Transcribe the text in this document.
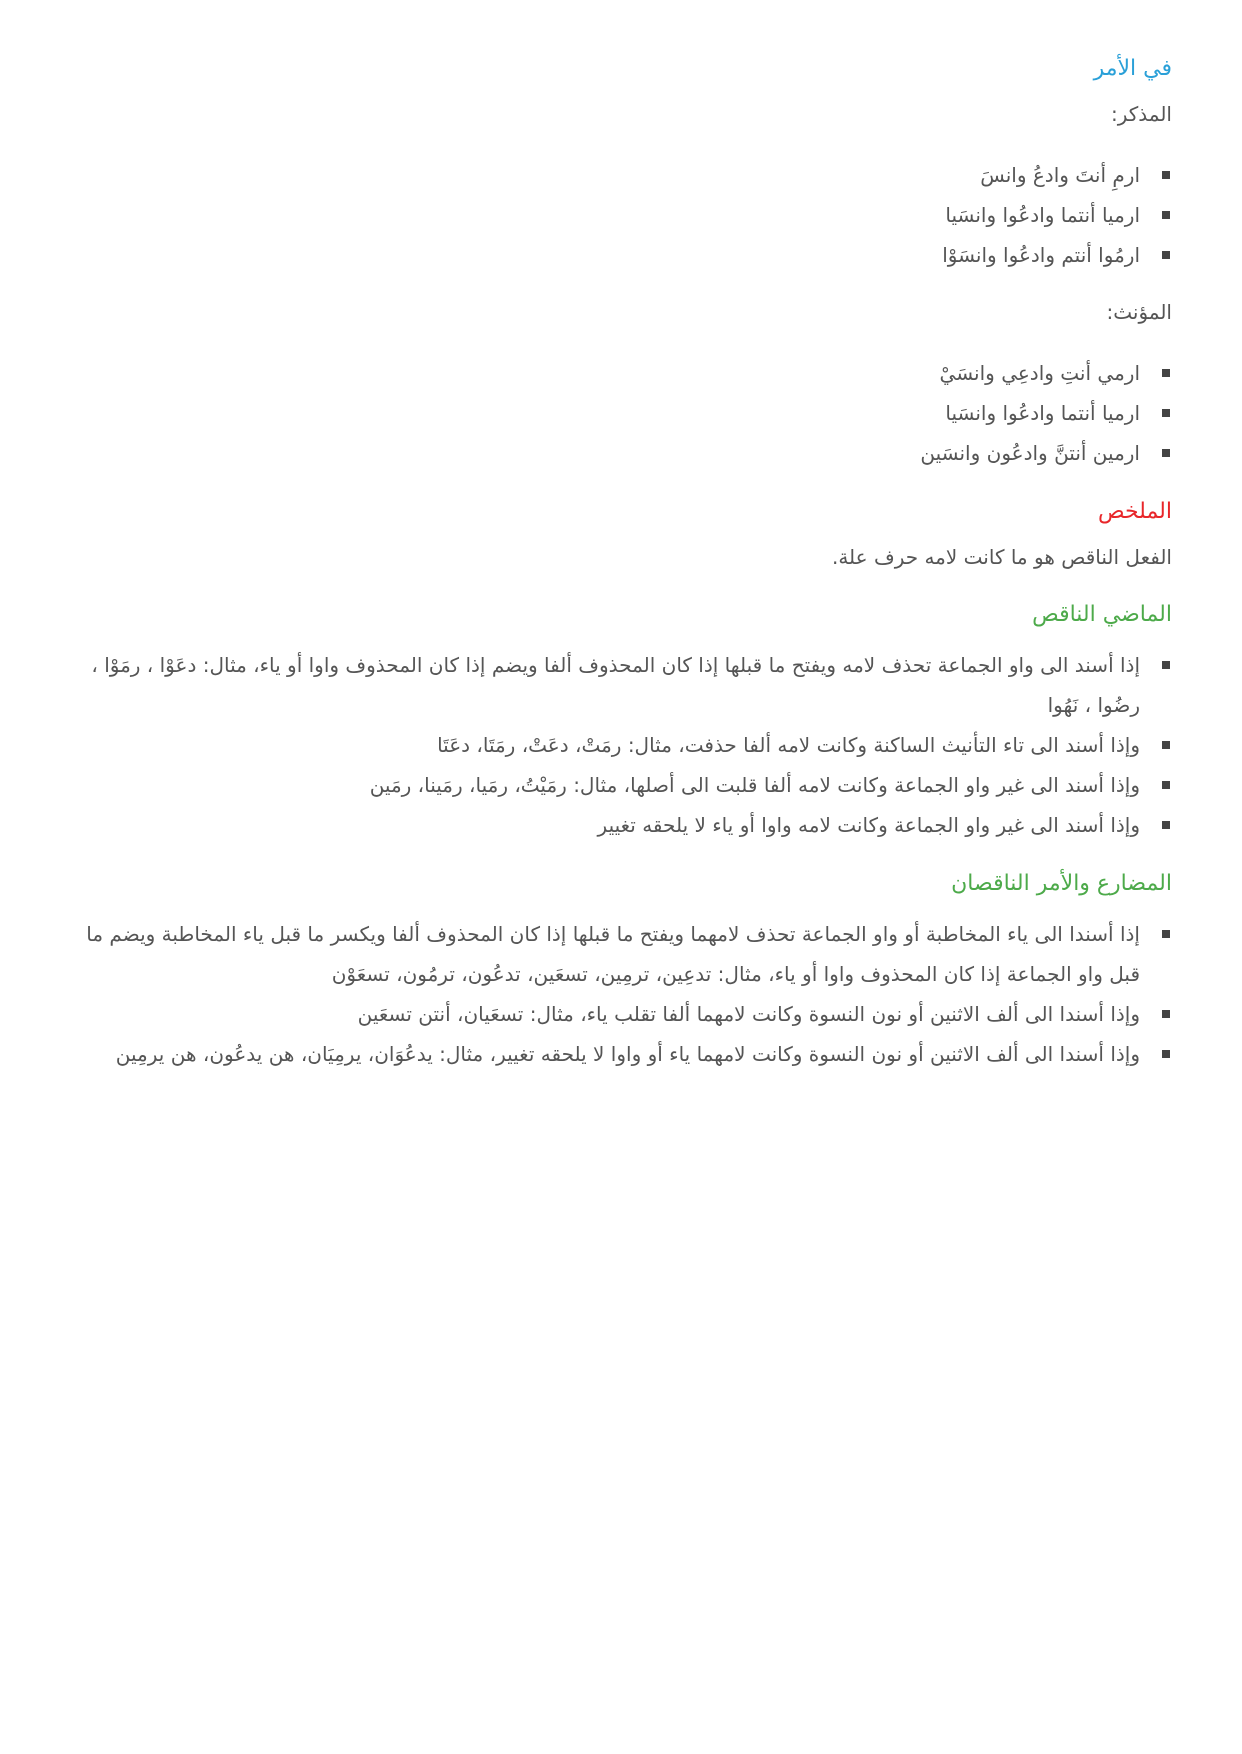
في الأمر
المذكر:
ارمِ أنتَ وادعُ وانسَ
ارميا أنتما وادعُوا وانسَيا
ارمُوا أنتم وادعُوا وانسَوْا
المؤنث:
ارمي أنتِ وادعِي وانسَيْ
ارميا أنتما وادعُوا وانسَيا
ارمين أنتنَّ وادعُون وانسَين
الملخص
الفعل الناقص هو ما كانت لامه حرف علة.
الماضي الناقص
إذا أسند الى واو الجماعة تحذف لامه ويفتح ما قبلها إذا كان المحذوف ألفا ويضم إذا كان المحذوف واوا أو ياء، مثال: دعَوْا ، رمَوْا ، رضُوا ، نَهُوا
وإذا أسند الى تاء التأنيث الساكنة وكانت لامه ألفا حذفت، مثال: رمَتْ، دعَتْ، رمَتَا، دعَتَا
وإذا أسند الى غير واو الجماعة وكانت لامه ألفا قلبت الى أصلها، مثال: رمَيْتُ، رمَيا، رمَينا، رمَين
وإذا أسند الى غير واو الجماعة وكانت لامه واوا أو ياء لا يلحقه تغيير
المضارع والأمر الناقصان
إذا أسندا الى ياء المخاطبة أو واو الجماعة تحذف لامهما ويفتح ما قبلها إذا كان المحذوف ألفا ويكسر ما قبل ياء المخاطبة ويضم ما قبل واو الجماعة إذا كان المحذوف واوا أو ياء، مثال: تدعِين، ترمِين، تسعَين، تدعُون، ترمُون، تسعَوْن
وإذا أسندا الى ألف الاثنين أو نون النسوة وكانت لامهما ألفا تقلب ياء، مثال: تسعَيان، أنتن تسعَين
وإذا أسندا الى ألف الاثنين أو نون النسوة وكانت لامهما ياء أو واوا لا يلحقه تغيير، مثال: يدعُوَان، يرمِيَان، هن يدعُون، هن يرمِين
